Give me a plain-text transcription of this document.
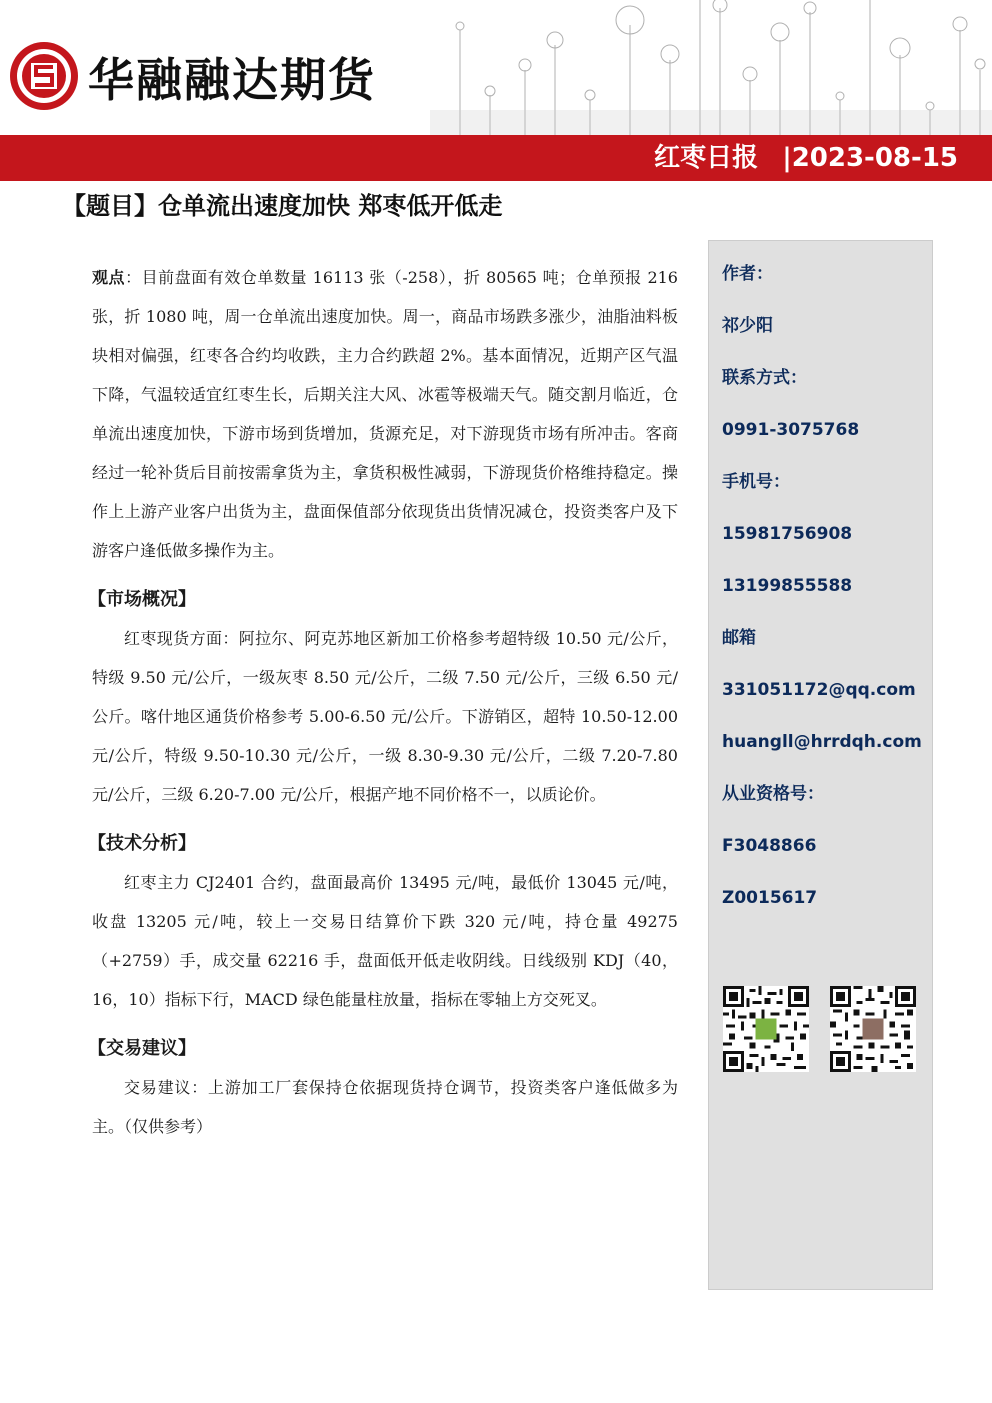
华融融达期货
红枣日报 |2023-08-15
【题目】仓单流出速度加快 郑枣低开低走

观点：目前盘面有效仓单数量 16113 张（-258），折 80565 吨；仓单预报 216 张，折 1080 吨，周一仓单流出速度加快。周一，商品市场跌多涨少，油脂油料板块相对偏强，红枣各合约均收跌，主力合约跌超 2%。基本面情况，近期产区气温下降，气温较适宜红枣生长，后期关注大风、冰雹等极端天气。随交割月临近，仓单流出速度加快，下游市场到货增加，货源充足，对下游现货市场有所冲击。客商经过一轮补货后目前按需拿货为主，拿货积极性减弱，下游现货价格维持稳定。操作上上游产业客户出货为主，盘面保值部分依现货出货情况减仓，投资类客户及下游客户逢低做多操作为主。

【市场概况】

红枣现货方面：阿拉尔、阿克苏地区新加工价格参考超特级 10.50 元/公斤，特级 9.50 元/公斤，一级灰枣 8.50 元/公斤，二级 7.50 元/公斤，三级 6.50 元/公斤。喀什地区通货价格参考 5.00-6.50 元/公斤。下游销区，超特 10.50-12.00 元/公斤，特级 9.50-10.30 元/公斤，一级 8.30-9.30 元/公斤，二级 7.20-7.80 元/公斤，三级 6.20-7.00 元/公斤，根据产地不同价格不一，以质论价。

【技术分析】

红枣主力 CJ2401 合约，盘面最高价 13495 元/吨，最低价 13045 元/吨，收盘 13205 元/吨，较上一交易日结算价下跌 320 元/吨，持仓量 49275（+2759）手，成交量 62216 手，盘面低开低走收阴线。日线级别 KDJ（40，16，10）指标下行，MACD 绿色能量柱放量，指标在零轴上方交死叉。

【交易建议】

交易建议：上游加工厂套保持仓依据现货持仓调节，投资类客户逢低做多为主。（仅供参考）

作者：
祁少阳
联系方式：
0991-3075768
手机号：
15981756908
13199855588
邮箱
331051172@qq.com
huangll@hrrdqh.com
从业资格号：
F3048866
Z0015617
